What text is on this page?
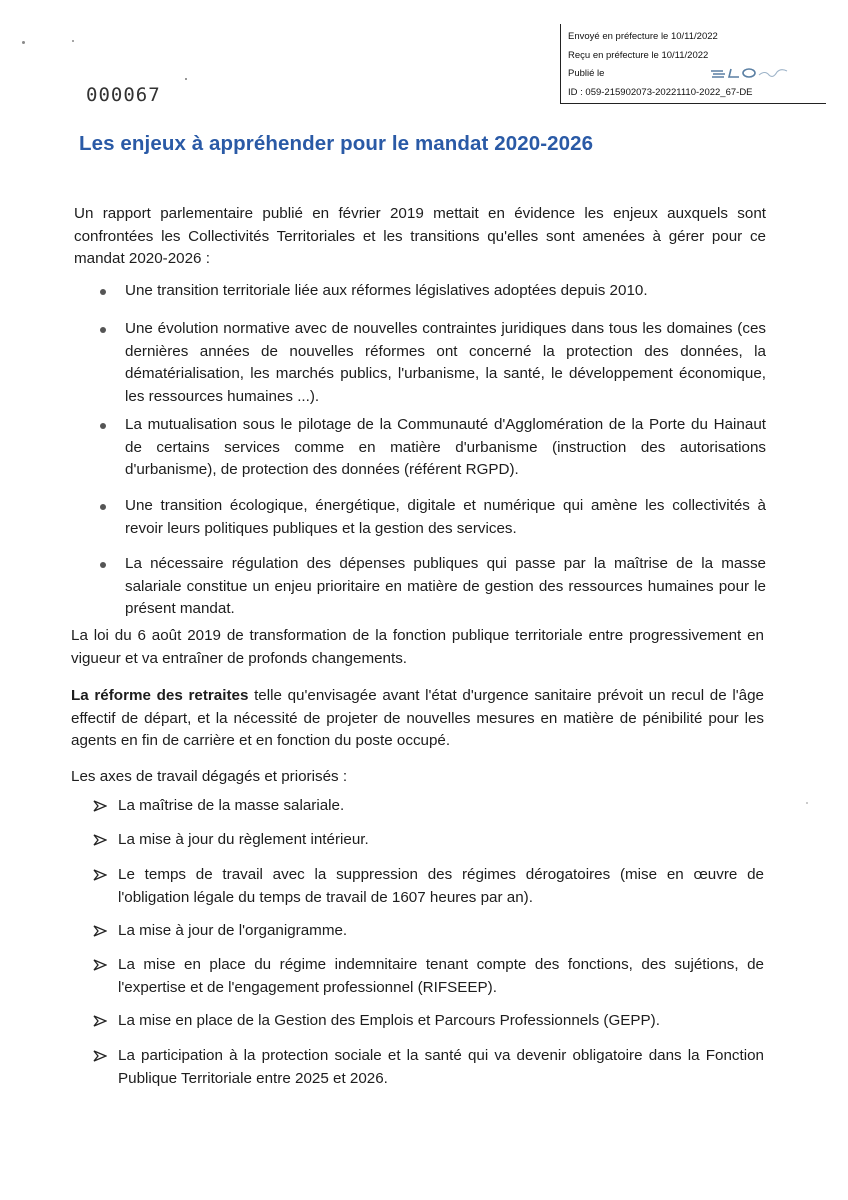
Envoyé en préfecture le 10/11/2022
Reçu en préfecture le 10/11/2022
Publié le
ID : 059-215902073-20221110-2022_67-DE
000067
Les enjeux à appréhender pour le mandat 2020-2026

Un rapport parlementaire publié en février 2019 mettait en évidence les enjeux auxquels sont confrontées les Collectivités Territoriales et les transitions qu'elles sont amenées à gérer pour ce mandat 2020-2026 :

Une transition territoriale liée aux réformes législatives adoptées depuis 2010.
Une évolution normative avec de nouvelles contraintes juridiques dans tous les domaines (ces dernières années de nouvelles réformes ont concerné la protection des données, la dématérialisation, les marchés publics, l'urbanisme, la santé, le développement économique, les ressources humaines ...).
La mutualisation sous le pilotage de la Communauté d'Agglomération de la Porte du Hainaut de certains services comme en matière d'urbanisme (instruction des autorisations d'urbanisme), de protection des données (référent RGPD).
Une transition écologique, énergétique, digitale et numérique qui amène les collectivités à revoir leurs politiques publiques et la gestion des services.
La nécessaire régulation des dépenses publiques qui passe par la maîtrise de la masse salariale constitue un enjeu prioritaire en matière de gestion des ressources humaines pour le présent mandat.

La loi du 6 août 2019 de transformation de la fonction publique territoriale entre progressivement en vigueur et va entraîner de profonds changements.

La réforme des retraites telle qu'envisagée avant l'état d'urgence sanitaire prévoit un recul de l'âge effectif de départ, et la nécessité de projeter de nouvelles mesures en matière de pénibilité pour les agents en fin de carrière et en fonction du poste occupé.

Les axes de travail dégagés et priorisés :

La maîtrise de la masse salariale.
La mise à jour du règlement intérieur.
Le temps de travail avec la suppression des régimes dérogatoires (mise en œuvre de l'obligation légale du temps de travail de 1607 heures par an).
La mise à jour de l'organigramme.
La mise en place du régime indemnitaire tenant compte des fonctions, des sujétions, de l'expertise et de l'engagement professionnel (RIFSEEP).
La mise en place de la Gestion des Emplois et Parcours Professionnels (GEPP).
La participation à la protection sociale et la santé qui va devenir obligatoire dans la Fonction Publique Territoriale entre 2025 et 2026.
